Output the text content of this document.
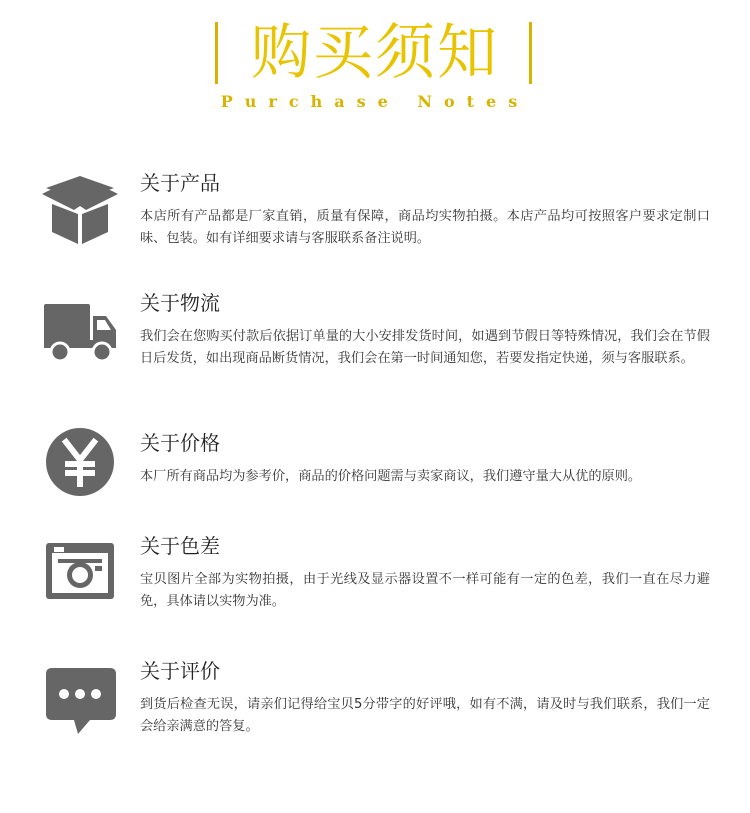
购买须知
Purchase Notes
关于产品
本店所有产品都是厂家直销，质量有保障，商品均实物拍摄。本店产品均可按照客户要求定制口味、包装。如有详细要求请与客服联系备注说明。
关于物流
我们会在您购买付款后依据订单量的大小安排发货时间，如遇到节假日等特殊情况，我们会在节假日后发货，如出现商品断货情况，我们会在第一时间通知您，若要发指定快递，须与客服联系。
关于价格
本厂所有商品均为参考价，商品的价格问题需与卖家商议，我们遵守量大从优的原则。
关于色差
宝贝图片全部为实物拍摄，由于光线及显示器设置不一样可能有一定的色差，我们一直在尽力避免，具体请以实物为准。
关于评价
到货后检查无误，请亲们记得给宝贝5分带字的好评哦，如有不满，请及时与我们联系，我们一定会给亲满意的答复。
